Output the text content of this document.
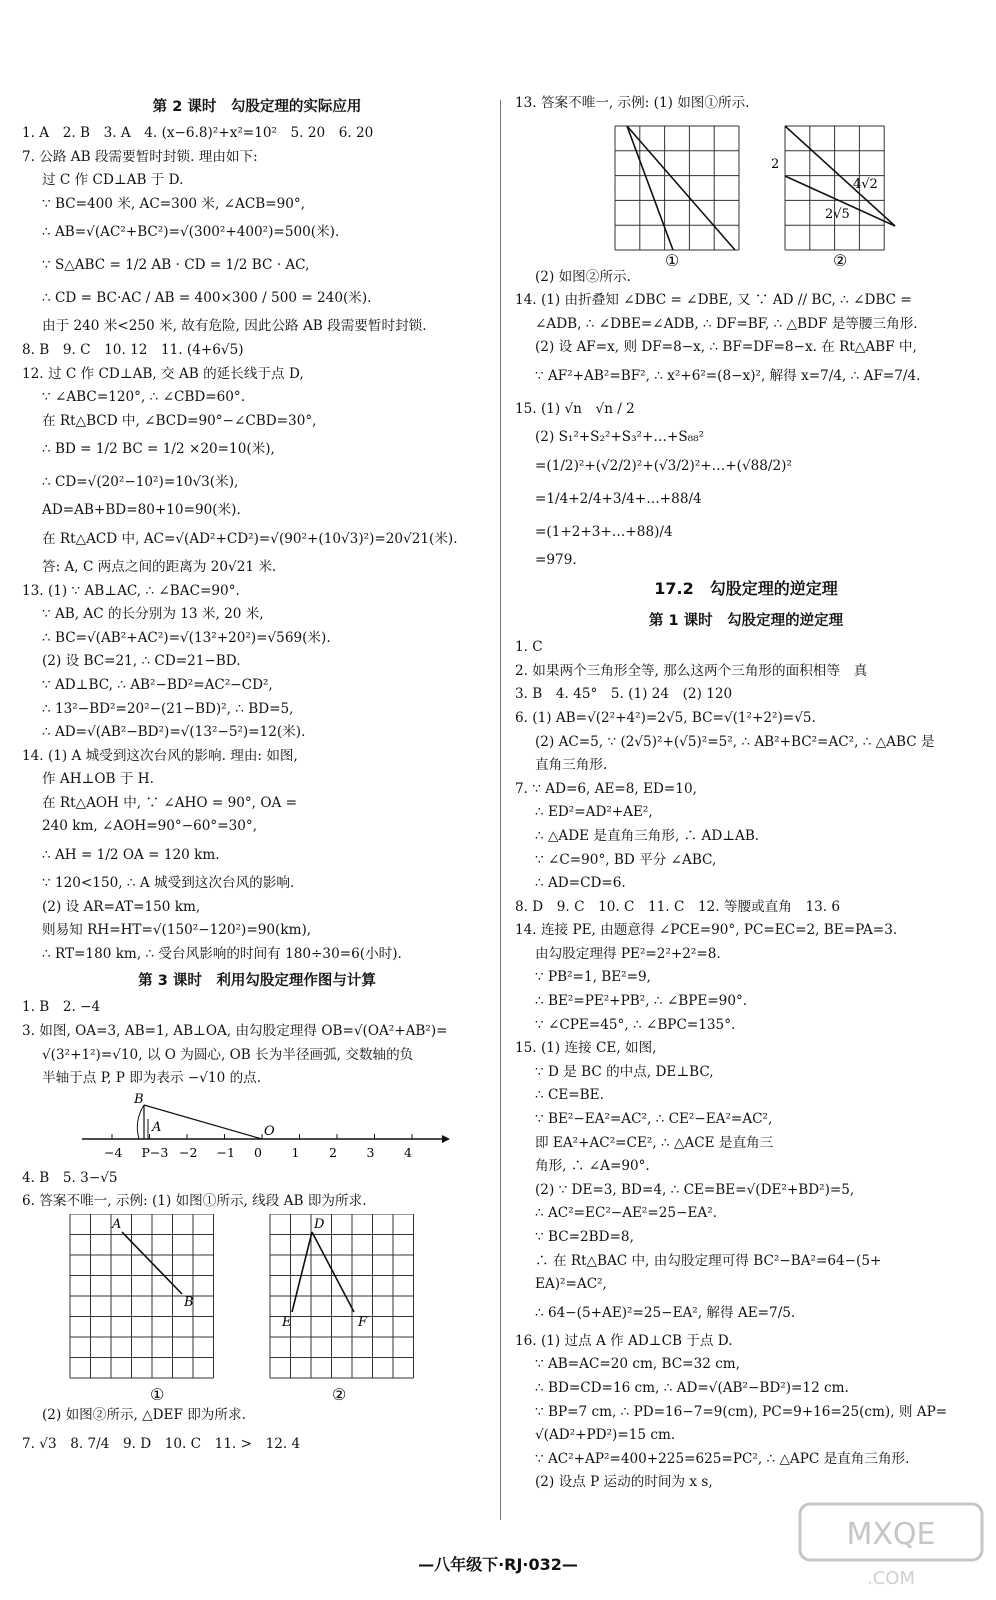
第 2 课时　勾股定理的实际应用
1. A　2. B　3. A　4. (x−6.8)²+x²=10²　5. 20　6. 20
7. 公路 AB 段需要暂时封锁. 理由如下:
过 C 作 CD⊥AB 于 D.
∵ BC=400 米, AC=300 米, ∠ACB=90°,
∴ AB=√(AC²+BC²)=√(300²+400²)=500(米).
∵ S△ABC = 1/2 AB · CD = 1/2 BC · AC,
∴ CD = BC·AC / AB = 400×300 / 500 = 240(米).
由于 240 米<250 米, 故有危险, 因此公路 AB 段需要暂时封锁.
8. B　9. C　10. 12　11. (4+6√5)
12. 过 C 作 CD⊥AB, 交 AB 的延长线于点 D,
∵ ∠ABC=120°, ∴ ∠CBD=60°.
在 Rt△BCD 中, ∠BCD=90°−∠CBD=30°,
∴ BD = 1/2 BC = 1/2 ×20=10(米),
∴ CD=√(20²−10²)=10√3(米),
AD=AB+BD=80+10=90(米).
在 Rt△ACD 中, AC=√(AD²+CD²)=√(90²+(10√3)²)=20√21(米).
答: A, C 两点之间的距离为 20√21 米.
13. (1) ∵ AB⊥AC, ∴ ∠BAC=90°.
∵ AB, AC 的长分别为 13 米, 20 米,
∴ BC=√(AB²+AC²)=√(13²+20²)=√569(米).
(2) 设 BC=21, ∴ CD=21−BD.
∵ AD⊥BC, ∴ AB²−BD²=AC²−CD²,
∴ 13²−BD²=20²−(21−BD)², ∴ BD=5,
∴ AD=√(AB²−BD²)=√(13²−5²)=12(米).
14. (1) A 城受到这次台风的影响. 理由: 如图,
作 AH⊥OB 于 H.
在 Rt△AOH 中, ∵ ∠AHO = 90°, OA =
240 km, ∠AOH=90°−60°=30°,
∴ AH = 1/2 OA = 120 km.
∵ 120<150, ∴ A 城受到这次台风的影响.
(2) 设 AR=AT=150 km,
则易知 RH=HT=√(150²−120²)=90(km),
∴ RT=180 km, ∴ 受台风影响的时间有 180÷30=6(小时).
第 3 课时　利用勾股定理作图与计算
1. B　2. −4
3. 如图, OA=3, AB=1, AB⊥OA, 由勾股定理得 OB=√(OA²+AB²)=
√(3²+1²)=√10, 以 O 为圆心, OB 长为半径画弧, 交数轴的负
半轴于点 P, P 即为表示 −√10 的点.
−4 P−3 −2 −1 0 1 2 3 4
B
A	O
4. B　5. 3−√5
6. 答案不唯一, 示例: (1) 如图①所示, 线段 AB 即为所求.
A
B
D
E	F
①	②
(2) 如图②所示, △DEF 即为所求.
7. √3　8. 7/4　9. D　10. C　11. >　12. 4
13. 答案不唯一, 示例: (1) 如图①所示.
2
4√2
2√5
①	②
(2) 如图②所示.
14. (1) 由折叠知 ∠DBC = ∠DBE, 又 ∵ AD // BC, ∴ ∠DBC =
∠ADB, ∴ ∠DBE=∠ADB, ∴ DF=BF, ∴ △BDF 是等腰三角形.
(2) 设 AF=x, 则 DF=8−x, ∴ BF=DF=8−x. 在 Rt△ABF 中,
∵ AF²+AB²=BF², ∴ x²+6²=(8−x)², 解得 x=7/4, ∴ AF=7/4.
15. (1) √n　√n / 2
(2) S₁²+S₂²+S₃²+…+S₈₈²
=(1/2)²+(√2/2)²+(√3/2)²+…+(√88/2)²
=1/4+2/4+3/4+…+88/4
=(1+2+3+…+88)/4
=979.
17.2　勾股定理的逆定理
第 1 课时　勾股定理的逆定理
1. C
2. 如果两个三角形全等, 那么这两个三角形的面积相等　真
3. B　4. 45°　5. (1) 24　(2) 120
6. (1) AB=√(2²+4²)=2√5, BC=√(1²+2²)=√5.
(2) AC=5, ∵ (2√5)²+(√5)²=5², ∴ AB²+BC²=AC², ∴ △ABC 是
直角三角形.
7. ∵ AD=6, AE=8, ED=10,
∴ ED²=AD²+AE²,
∴ △ADE 是直角三角形, ∴ AD⊥AB.
∵ ∠C=90°, BD 平分 ∠ABC,
∴ AD=CD=6.
8. D　9. C　10. C　11. C　12. 等腰或直角　13. 6
14. 连接 PE, 由题意得 ∠PCE=90°, PC=EC=2, BE=PA=3.
由勾股定理得 PE²=2²+2²=8.
∵ PB²=1, BE²=9,
∴ BE²=PE²+PB², ∴ ∠BPE=90°.
∵ ∠CPE=45°, ∴ ∠BPC=135°.
15. (1) 连接 CE, 如图,
∵ D 是 BC 的中点, DE⊥BC,
∴ CE=BE.
∵ BE²−EA²=AC², ∴ CE²−EA²=AC²,
即 EA²+AC²=CE², ∴ △ACE 是直角三
角形, ∴ ∠A=90°.
(2) ∵ DE=3, BD=4, ∴ CE=BE=√(DE²+BD²)=5,
∴ AC²=EC²−AE²=25−EA².
∵ BC=2BD=8,
∴ 在 Rt△BAC 中, 由勾股定理可得 BC²−BA²=64−(5+
EA)²=AC²,
∴ 64−(5+AE)²=25−EA², 解得 AE=7/5.
16. (1) 过点 A 作 AD⊥CB 于点 D.
∵ AB=AC=20 cm, BC=32 cm,
∴ BD=CD=16 cm, ∴ AD=√(AB²−BD²)=12 cm.
∵ BP=7 cm, ∴ PD=16−7=9(cm), PC=9+16=25(cm), 则 AP=
√(AD²+PD²)=15 cm.
∵ AC²+AP²=400+225=625=PC², ∴ △APC 是直角三角形.
(2) 设点 P 运动的时间为 x s,
—八年级下·RJ·032—
MXQE
.COM
